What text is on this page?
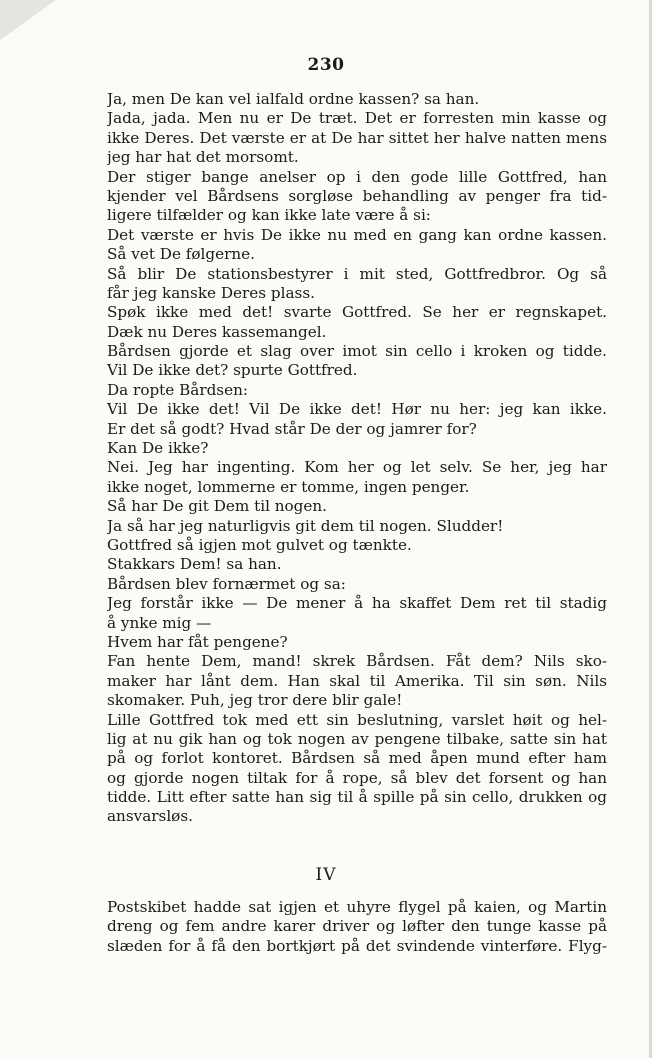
230
Ja, men De kan vel ialfald ordne kassen? sa han.
Jada, jada. Men nu er De træt. Det er forresten min kasse og
ikke Deres. Det værste er at De har sittet her halve natten mens
jeg har hat det morsomt.
Der stiger bange anelser op i den gode lille Gottfred, han
kjender vel Bårdsens sorgløse behandling av penger fra tid-
ligere tilfælder og kan ikke late være å si:
Det værste er hvis De ikke nu med en gang kan ordne kassen.
Så vet De følgerne.
Så blir De stationsbestyrer i mit sted, Gottfredbror. Og så
får jeg kanske Deres plass.
Spøk ikke med det! svarte Gottfred. Se her er regnskapet.
Dæk nu Deres kassemangel.
Bårdsen gjorde et slag over imot sin cello i kroken og tidde.
Vil De ikke det? spurte Gottfred.
Da ropte Bårdsen:
Vil De ikke det! Vil De ikke det! Hør nu her: jeg kan ikke.
Er det så godt? Hvad står De der og jamrer for?
Kan De ikke?
Nei. Jeg har ingenting. Kom her og let selv. Se her, jeg har
ikke noget, lommerne er tomme, ingen penger.
Så har De git Dem til nogen.
Ja så har jeg naturligvis git dem til nogen. Sludder!
Gottfred så igjen mot gulvet og tænkte.
Stakkars Dem! sa han.
Bårdsen blev fornærmet og sa:
Jeg forstår ikke — De mener å ha skaffet Dem ret til stadig
å ynke mig —
Hvem har fåt pengene?
Fan hente Dem, mand! skrek Bårdsen. Fåt dem? Nils sko-
maker har lånt dem. Han skal til Amerika. Til sin søn. Nils
skomaker. Puh, jeg tror dere blir gale!
Lille Gottfred tok med ett sin beslutning, varslet høit og hel-
lig at nu gik han og tok nogen av pengene tilbake, satte sin hat
på og forlot kontoret. Bårdsen så med åpen mund efter ham
og gjorde nogen tiltak for å rope, så blev det forsent og han
tidde. Litt efter satte han sig til å spille på sin cello, drukken og
ansvarsløs.
IV
Postskibet hadde sat igjen et uhyre flygel på kaien, og Martin
dreng og fem andre karer driver og løfter den tunge kasse på
slæden for å få den bortkjørt på det svindende vinterføre. Flyg-
